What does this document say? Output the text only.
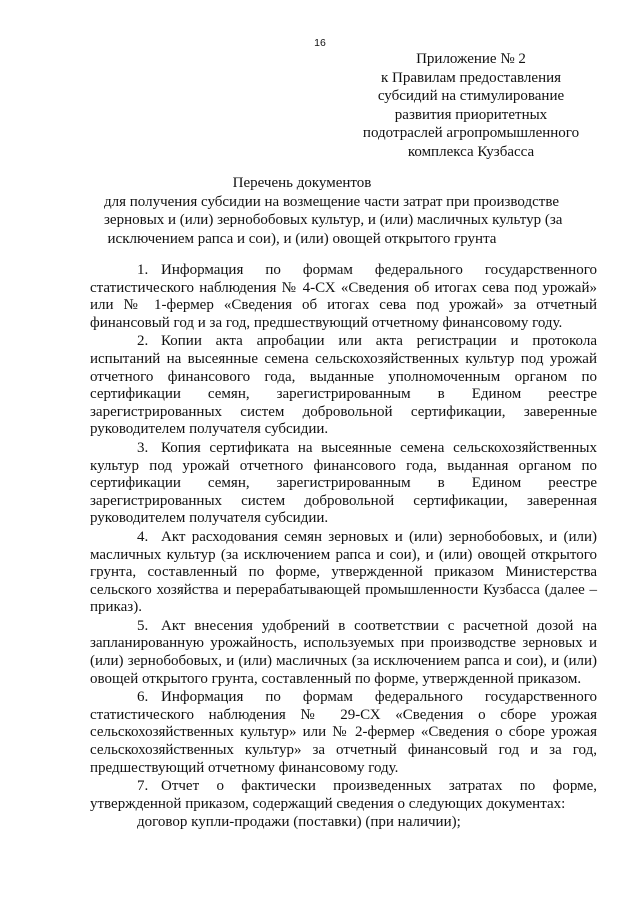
16
Приложение № 2
к Правилам предоставления
субсидий на стимулирование
развития приоритетных
подотраслей агропромышленного
комплекса Кузбасса
Перечень документов
для получения субсидии на возмещение части затрат при производстве
зерновых и (или) зернобобовых культур, и (или) масличных культур (за
исключением рапса и сои), и (или) овощей открытого грунта

1. Информация по формам федерального государственного статистического наблюдения № 4-СХ «Сведения об итогах сева под урожай» или № 1-фермер «Сведения об итогах сева под урожай» за отчетный финансовый год и за год, предшествующий отчетному финансовому году.

2. Копии акта апробации или акта регистрации и протокола испытаний на высеянные семена сельскохозяйственных культур под урожай отчетного финансового года, выданные уполномоченным органом по сертификации семян, зарегистрированным в Едином реестре зарегистрированных систем добровольной сертификации, заверенные руководителем получателя субсидии.

3. Копия сертификата на высеянные семена сельскохозяйственных культур под урожай отчетного финансового года, выданная органом по сертификации семян, зарегистрированным в Едином реестре зарегистрированных систем добровольной сертификации, заверенная руководителем получателя субсидии.

4. Акт расходования семян зерновых и (или) зернобобовых, и (или) масличных культур (за исключением рапса и сои), и (или) овощей открытого грунта, составленный по форме, утвержденной приказом Министерства сельского хозяйства и перерабатывающей промышленности Кузбасса (далее – приказ).

5. Акт внесения удобрений в соответствии с расчетной дозой на запланированную урожайность, используемых при производстве зерновых и (или) зернобобовых, и (или) масличных (за исключением рапса и сои), и (или) овощей открытого грунта, составленный по форме, утвержденной приказом.

6. Информация по формам федерального государственного статистического наблюдения № 29-СХ «Сведения о сборе урожая сельскохозяйственных культур» или № 2-фермер «Сведения о сборе урожая сельскохозяйственных культур» за отчетный финансовый год и за год, предшествующий отчетному финансовому году.

7. Отчет о фактически произведенных затратах по форме, утвержденной приказом, содержащий сведения о следующих документах:

договор купли-продажи (поставки) (при наличии);
